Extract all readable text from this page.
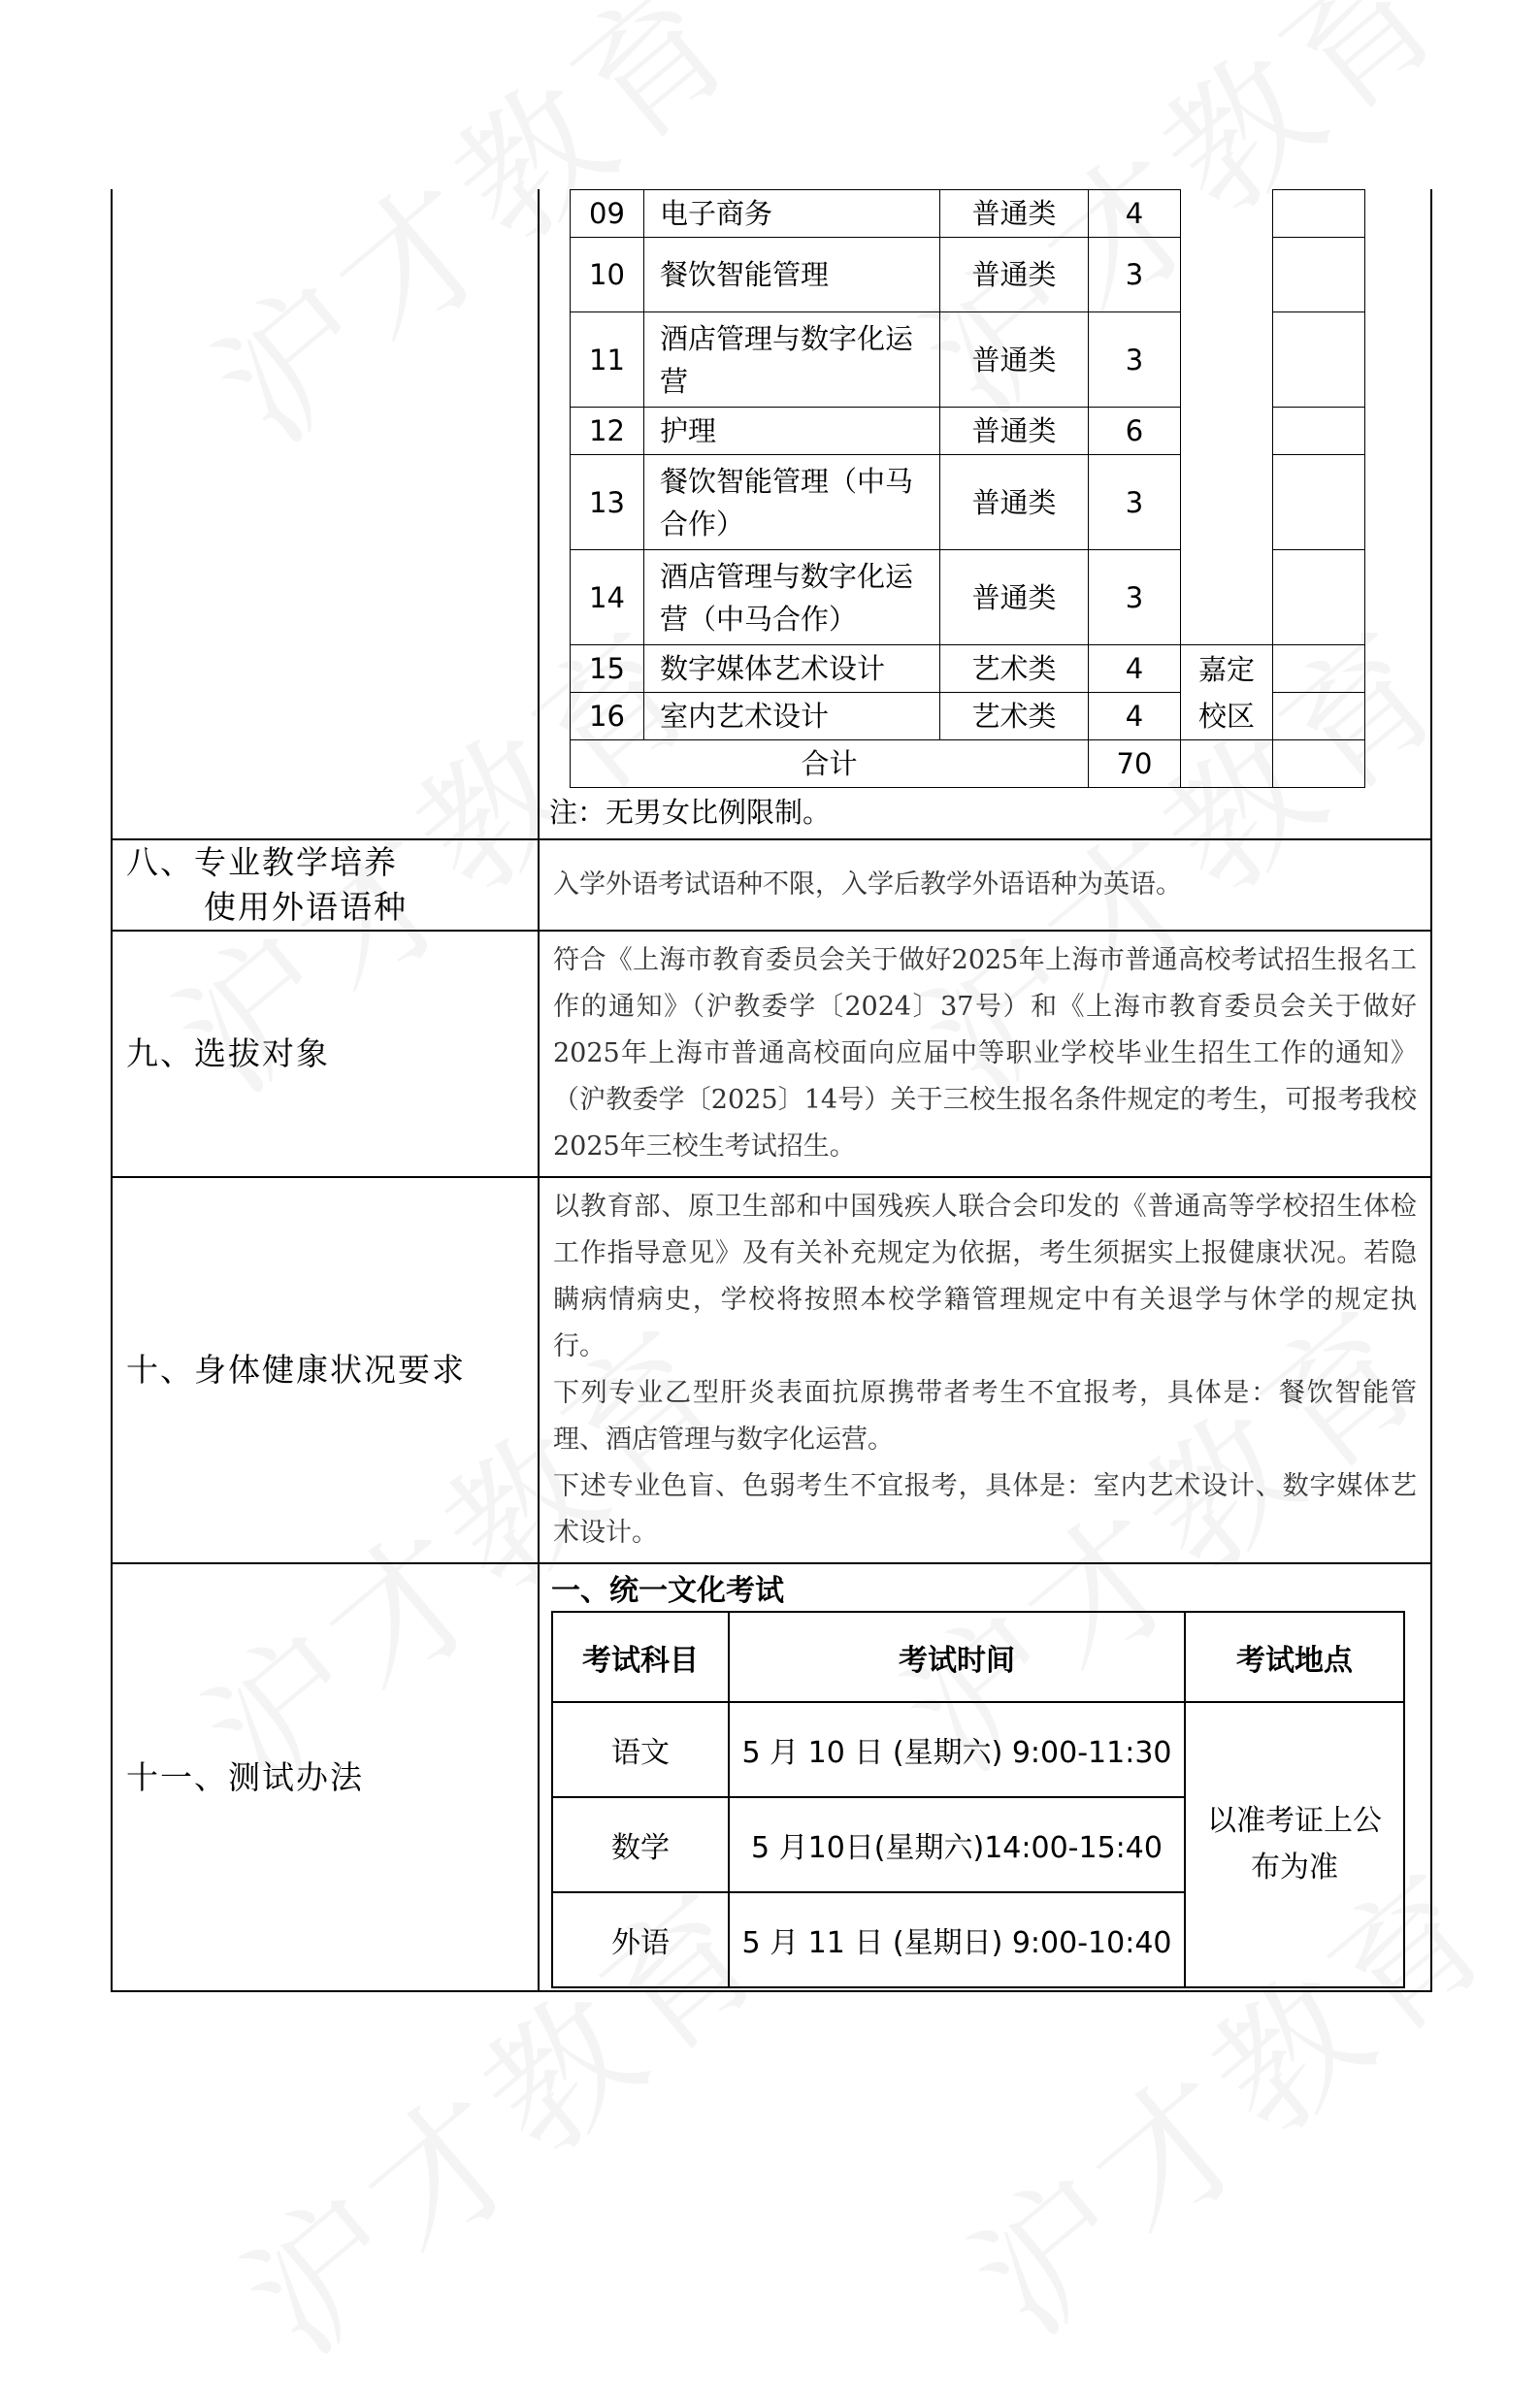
09	电子商务	普通类	4		
10	餐饮智能管理	普通类	3	
11	酒店管理与数字化运营	普通类	3	
12	护理	普通类	6	
13	餐饮智能管理（中马合作）	普通类	3	
14	酒店管理与数字化运营（中马合作）	普通类	3	
15	数字媒体艺术设计	艺术类	4	嘉定校区	
16	室内艺术设计	艺术类	4	
合计	70		
注：无男女比例限制。

八、专业教学培养
使用外语语种
	入学外语考试语种不限，入学后教学外语语种为英语。
九、选拔对象	符合《上海市教育委员会关于做好2025年上海市普通高校考试招生报名工作的通知》（沪教委学〔2024〕37号）和《上海市教育委员会关于做好2025年上海市普通高校面向应届中等职业学校毕业生招生工作的通知》（沪教委学〔2025〕14号）关于三校生报名条件规定的考生，可报考我校2025年三校生考试招生。
十、身体健康状况要求	

以教育部、原卫生部和中国残疾人联合会印发的《普通高等学校招生体检工作指导意见》及有关补充规定为依据，考生须据实上报健康状况。若隐瞒病情病史，学校将按照本校学籍管理规定中有关退学与休学的规定执行。

下列专业乙型肝炎表面抗原携带者考生不宜报考，具体是：餐饮智能管理、酒店管理与数字化运营。

下述专业色盲、色弱考生不宜报考，具体是：室内艺术设计、数字媒体艺术设计。

十一、测试办法	
一、统一文化考试
考试科目	考试时间	考试地点
语文	5 月 10 日 (星期六) 9:00-11:30	以准考证上公布为准
数学	5 月10日(星期六)14:00-15:40
外语	5 月 11 日 (星期日) 9:00-10:40
